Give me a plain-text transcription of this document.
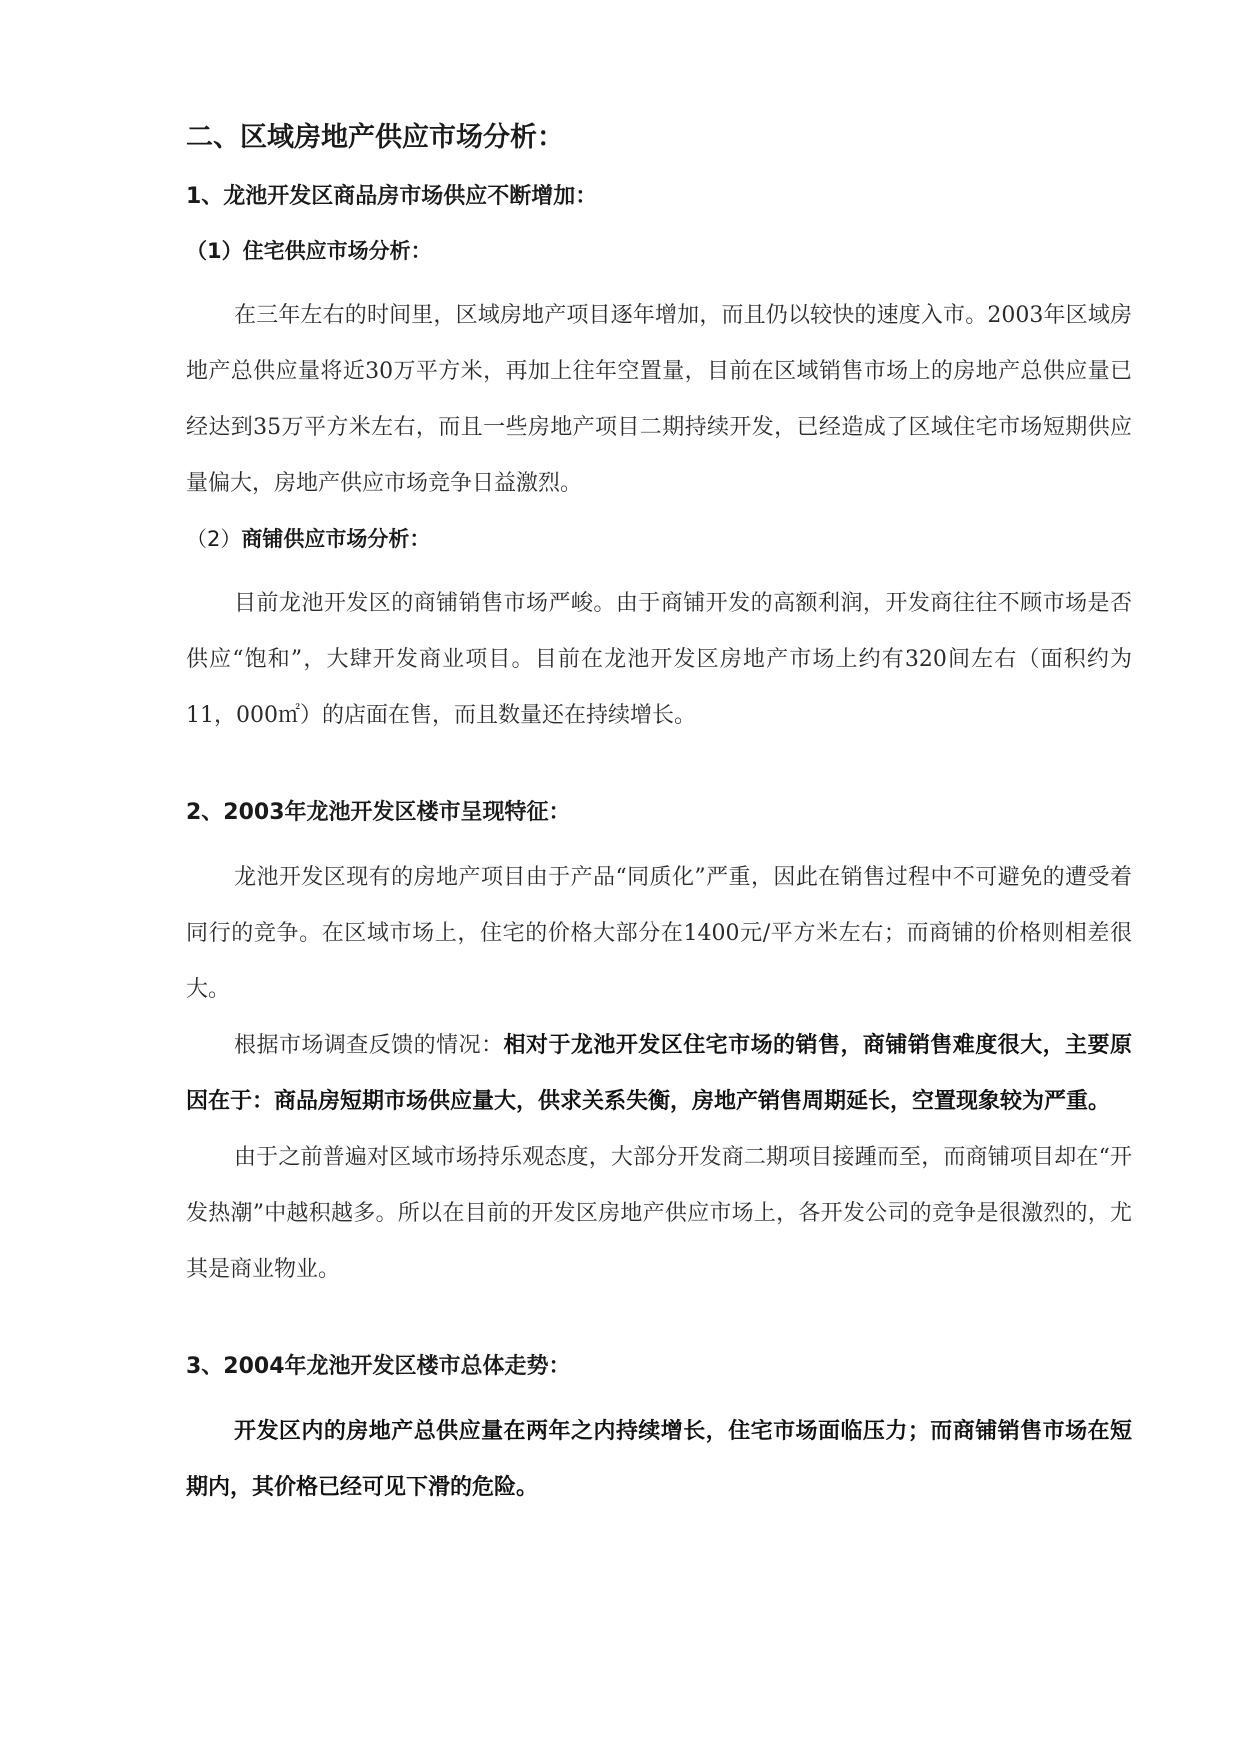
二、区域房地产供应市场分析：
1、龙池开发区商品房市场供应不断增加：
（1）住宅供应市场分析：

在三年左右的时间里，区域房地产项目逐年增加，而且仍以较快的速度入市。2003年区域房地产总供应量将近30万平方米，再加上往年空置量，目前在区域销售市场上的房地产总供应量已经达到35万平方米左右，而且一些房地产项目二期持续开发，已经造成了区域住宅市场短期供应量偏大，房地产供应市场竞争日益激烈。

（2）商铺供应市场分析：

目前龙池开发区的商铺销售市场严峻。由于商铺开发的高额利润，开发商往往不顾市场是否供应“饱和”，大肆开发商业项目。目前在龙池开发区房地产市场上约有320间左右（面积约为11，000㎡）的店面在售，而且数量还在持续增长。

2、2003年龙池开发区楼市呈现特征：

龙池开发区现有的房地产项目由于产品“同质化”严重，因此在销售过程中不可避免的遭受着同行的竞争。在区域市场上，住宅的价格大部分在1400元/平方米左右；而商铺的价格则相差很大。

根据市场调查反馈的情况：相对于龙池开发区住宅市场的销售，商铺销售难度很大，主要原因在于：商品房短期市场供应量大，供求关系失衡，房地产销售周期延长，空置现象较为严重。

由于之前普遍对区域市场持乐观态度，大部分开发商二期项目接踵而至，而商铺项目却在“开发热潮”中越积越多。所以在目前的开发区房地产供应市场上，各开发公司的竞争是很激烈的，尤其是商业物业。

3、2004年龙池开发区楼市总体走势：

开发区内的房地产总供应量在两年之内持续增长，住宅市场面临压力；而商铺销售市场在短期内，其价格已经可见下滑的危险。
